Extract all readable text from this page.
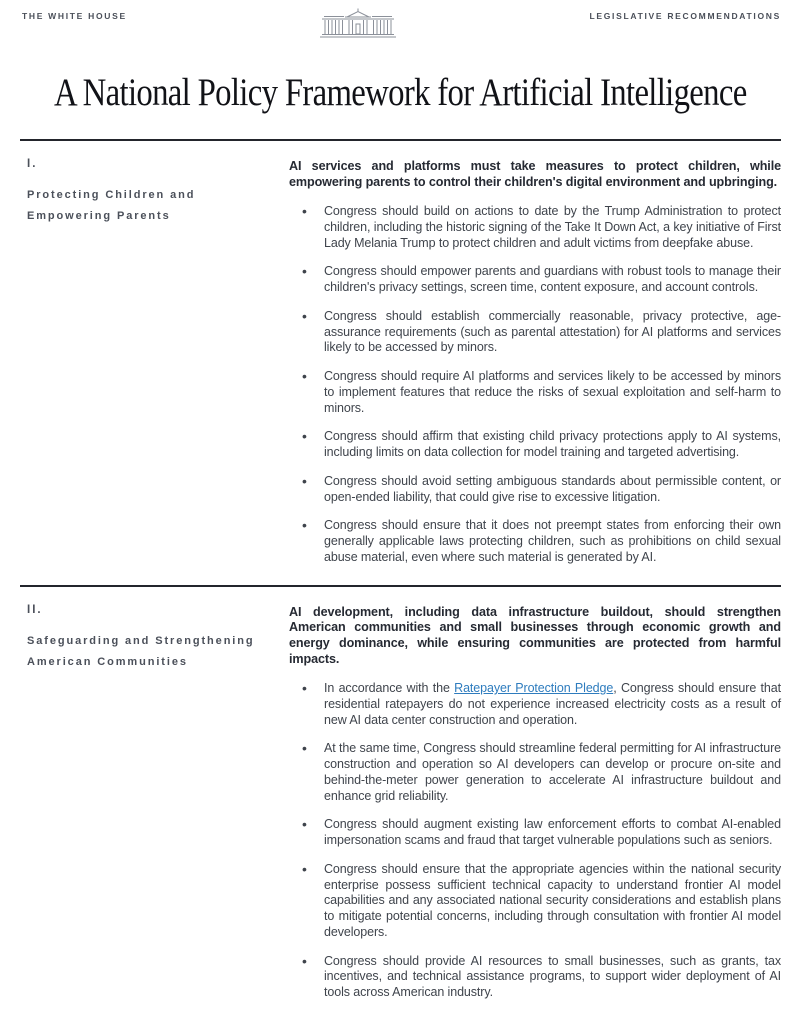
THE WHITE HOUSE	LEGISLATIVE RECOMMENDATIONS
A National Policy Framework for Artificial Intelligence
I.
Protecting Children and Empowering Parents

AI services and platforms must take measures to protect children, while empowering parents to control their children's digital environment and upbringing.

• Congress should build on actions to date by the Trump Administration to protect children, including the historic signing of the Take It Down Act, a key initiative of First Lady Melania Trump to protect children and adult victims from deepfake abuse.
• Congress should empower parents and guardians with robust tools to manage their children's privacy settings, screen time, content exposure, and account controls.
• Congress should establish commercially reasonable, privacy protective, age-assurance requirements (such as parental attestation) for AI platforms and services likely to be accessed by minors.
• Congress should require AI platforms and services likely to be accessed by minors to implement features that reduce the risks of sexual exploitation and self-harm to minors.
• Congress should affirm that existing child privacy protections apply to AI systems, including limits on data collection for model training and targeted advertising.
• Congress should avoid setting ambiguous standards about permissible content, or open-ended liability, that could give rise to excessive litigation.
• Congress should ensure that it does not preempt states from enforcing their own generally applicable laws protecting children, such as prohibitions on child sexual abuse material, even where such material is generated by AI.
II.
Safeguarding and Strengthening American Communities

AI development, including data infrastructure buildout, should strengthen American communities and small businesses through economic growth and energy dominance, while ensuring communities are protected from harmful impacts.

• In accordance with the Ratepayer Protection Pledge, Congress should ensure that residential ratepayers do not experience increased electricity costs as a result of new AI data center construction and operation.
• At the same time, Congress should streamline federal permitting for AI infrastructure construction and operation so AI developers can develop or procure on-site and behind-the-meter power generation to accelerate AI infrastructure buildout and enhance grid reliability.
• Congress should augment existing law enforcement efforts to combat AI-enabled impersonation scams and fraud that target vulnerable populations such as seniors.
• Congress should ensure that the appropriate agencies within the national security enterprise possess sufficient technical capacity to understand frontier AI model capabilities and any associated national security considerations and establish plans to mitigate potential concerns, including through consultation with frontier AI model developers.
• Congress should provide AI resources to small businesses, such as grants, tax incentives, and technical assistance programs, to support wider deployment of AI tools across American industry.
